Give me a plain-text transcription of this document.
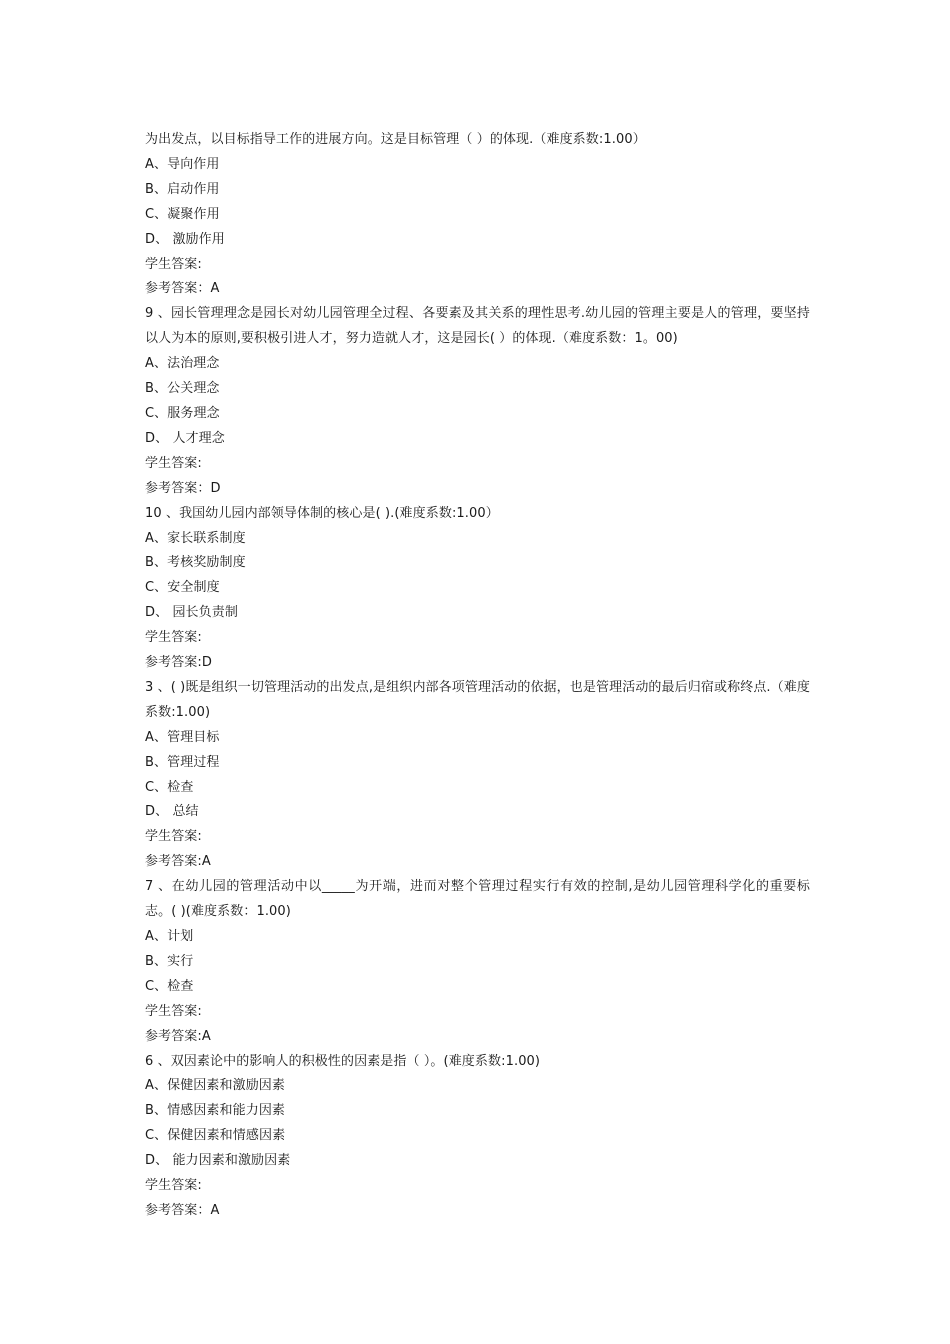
为出发点，以目标指导工作的进展方向。这是目标管理（ ）的体现.（难度系数:1.00）
A、导向作用
B、启动作用
C、凝聚作用
D、 激励作用
学生答案:
参考答案：A
9 、园长管理理念是园长对幼儿园管理全过程、各要素及其关系的理性思考.幼儿园的管理主要是人的管理，要坚持以人为本的原则,要积极引进人才，努力造就人才，这是园长( ）的体现.（难度系数：1。00)
A、法治理念
B、公关理念
C、服务理念
D、 人才理念
学生答案:
参考答案：D
10 、我国幼儿园内部领导体制的核心是( ).(难度系数:1.00）
A、家长联系制度
B、考核奖励制度
C、安全制度
D、 园长负责制
学生答案:
参考答案:D
3 、( )既是组织一切管理活动的出发点,是组织内部各项管理活动的依据，也是管理活动的最后归宿或称终点.（难度系数:1.00)
A、管理目标
B、管理过程
C、检查
D、 总结
学生答案:
参考答案:A
7 、在幼儿园的管理活动中以_____为开端，进而对整个管理过程实行有效的控制,是幼儿园管理科学化的重要标志。( )(难度系数：1.00)
A、计划
B、实行
C、检查
学生答案:
参考答案:A
6 、双因素论中的影响人的积极性的因素是指（ ）。(难度系数:1.00)
A、保健因素和激励因素
B、情感因素和能力因素
C、保健因素和情感因素
D、 能力因素和激励因素
学生答案:
参考答案：A
